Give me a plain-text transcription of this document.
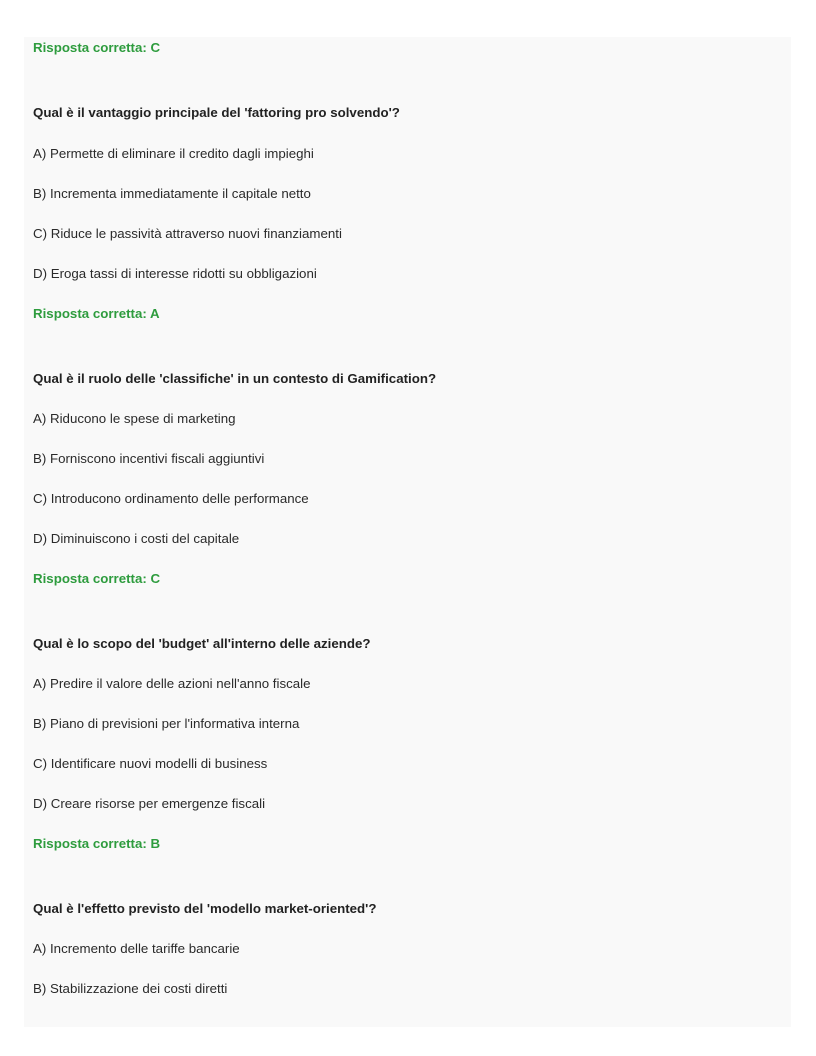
Risposta corretta: C
Qual è il vantaggio principale del 'fattoring pro solvendo'?
A) Permette di eliminare il credito dagli impieghi
B) Incrementa immediatamente il capitale netto
C) Riduce le passività attraverso nuovi finanziamenti
D) Eroga tassi di interesse ridotti su obbligazioni
Risposta corretta: A
Qual è il ruolo delle 'classifiche' in un contesto di Gamification?
A) Riducono le spese di marketing
B) Forniscono incentivi fiscali aggiuntivi
C) Introducono ordinamento delle performance
D) Diminuiscono i costi del capitale
Risposta corretta: C
Qual è lo scopo del 'budget' all'interno delle aziende?
A) Predire il valore delle azioni nell'anno fiscale
B) Piano di previsioni per l'informativa interna
C) Identificare nuovi modelli di business
D) Creare risorse per emergenze fiscali
Risposta corretta: B
Qual è l'effetto previsto del 'modello market-oriented'?
A) Incremento delle tariffe bancarie
B) Stabilizzazione dei costi diretti
